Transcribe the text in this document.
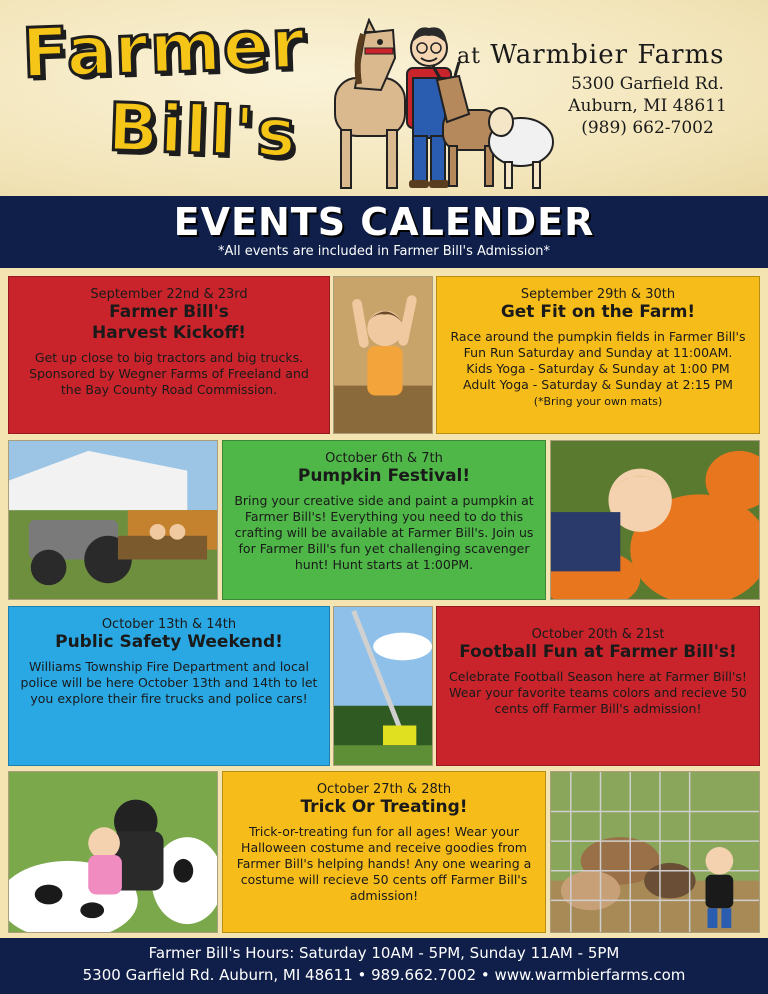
Farmer
Bill's
at Warmbier Farms
5300 Garfield Rd.
Auburn, MI 48611
(989) 662-7002
EVENTS CALENDER
*All events are included in Farmer Bill's Admission*
September 22nd & 23rd
Farmer Bill's
Harvest Kickoff!
Get up close to big tractors and big trucks. Sponsored by Wegner Farms of Freeland and the Bay County Road Commission.
September 29th & 30th
Get Fit on the Farm!
Race around the pumpkin fields in Farmer Bill's Fun Run Saturday and Sunday at 11:00AM.
Kids Yoga - Saturday & Sunday at 1:00 PM
Adult Yoga - Saturday & Sunday at 2:15 PM
(*Bring your own mats)
October 6th & 7th
Pumpkin Festival!
Bring your creative side and paint a pumpkin at Farmer Bill's! Everything you need to do this crafting will be available at Farmer Bill's. Join us for Farmer Bill's fun yet challenging scavenger hunt! Hunt starts at 1:00PM.
October 13th & 14th
Public Safety Weekend!
Williams Township Fire Department and local police will be here October 13th and 14th to let you explore their fire trucks and police cars!
October 20th & 21st
Football Fun at Farmer Bill's!
Celebrate Football Season here at Farmer Bill's! Wear your favorite teams colors and recieve 50 cents off Farmer Bill's admission!
October 27th & 28th
Trick Or Treating!
Trick-or-treating fun for all ages! Wear your Halloween costume and receive goodies from Farmer Bill's helping hands! Any one wearing a costume will recieve 50 cents off Farmer Bill's admission!
Farmer Bill's Hours: Saturday 10AM - 5PM, Sunday 11AM - 5PM
5300 Garfield Rd. Auburn, MI 48611 • 989.662.7002 • www.warmbierfarms.com
